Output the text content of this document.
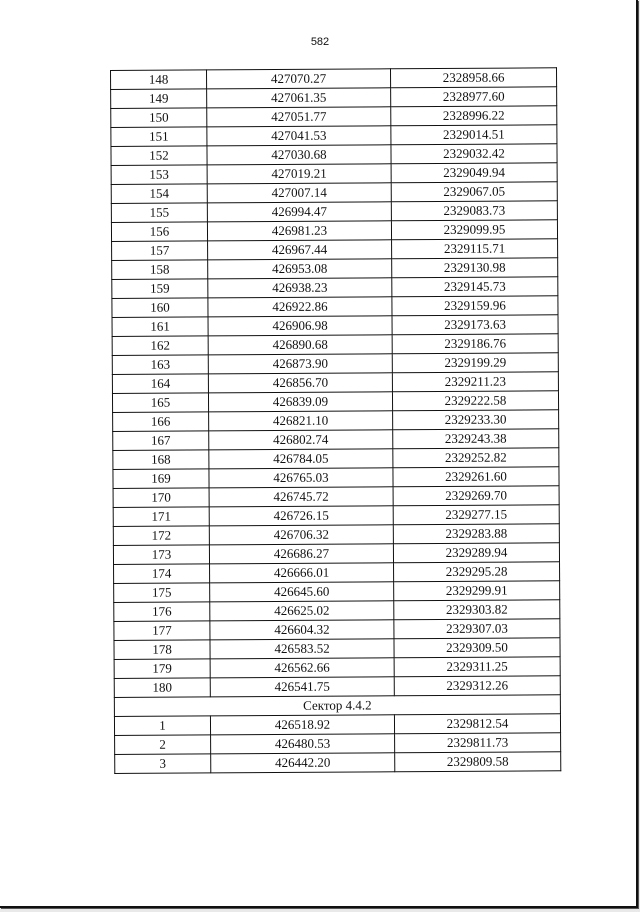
582
148	427070.27	2328958.66
149	427061.35	2328977.60
150	427051.77	2328996.22
151	427041.53	2329014.51
152	427030.68	2329032.42
153	427019.21	2329049.94
154	427007.14	2329067.05
155	426994.47	2329083.73
156	426981.23	2329099.95
157	426967.44	2329115.71
158	426953.08	2329130.98
159	426938.23	2329145.73
160	426922.86	2329159.96
161	426906.98	2329173.63
162	426890.68	2329186.76
163	426873.90	2329199.29
164	426856.70	2329211.23
165	426839.09	2329222.58
166	426821.10	2329233.30
167	426802.74	2329243.38
168	426784.05	2329252.82
169	426765.03	2329261.60
170	426745.72	2329269.70
171	426726.15	2329277.15
172	426706.32	2329283.88
173	426686.27	2329289.94
174	426666.01	2329295.28
175	426645.60	2329299.91
176	426625.02	2329303.82
177	426604.32	2329307.03
178	426583.52	2329309.50
179	426562.66	2329311.25
180	426541.75	2329312.26
Сектор 4.4.2		
1	426518.92	2329812.54
2	426480.53	2329811.73
3	426442.20	2329809.58
